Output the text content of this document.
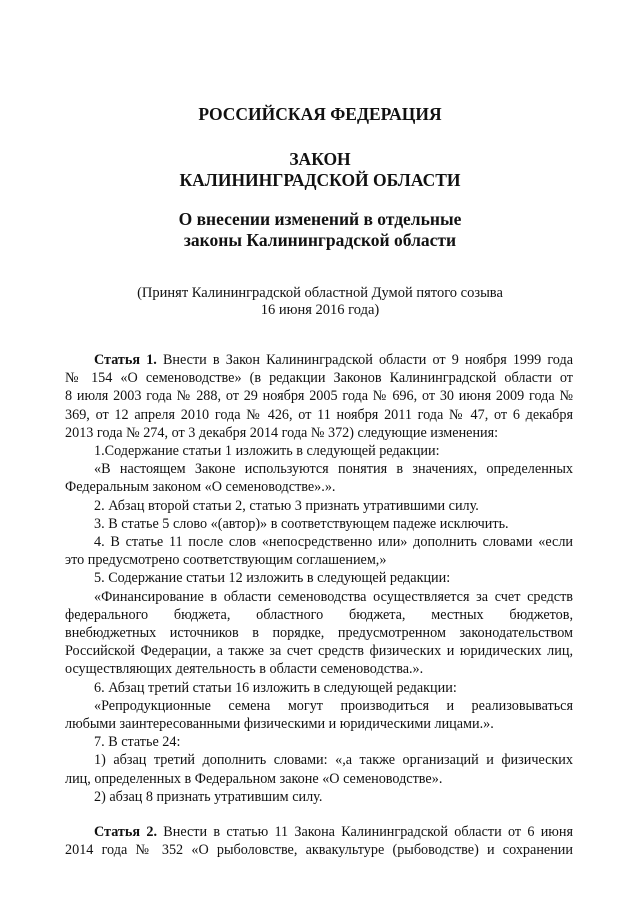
РОССИЙСКАЯ ФЕДЕРАЦИЯ
ЗАКОН
КАЛИНИНГРАДСКОЙ ОБЛАСТИ
О внесении изменений в отдельные
законы Калининградской области
(Принят Калининградской областной Думой пятого созыва
16 июня 2016 года)

Статья 1. Внести в Закон Калининградской области от 9 ноября 1999 года

№ 154 «О семеноводстве» (в редакции Законов Калининградской области от

8 июля 2003 года № 288, от 29 ноября 2005 года № 696, от 30 июня 2009 года №

369, от 12 апреля 2010 года № 426, от 11 ноября 2011 года № 47, от 6 декабря

2013 года № 274, от 3 декабря 2014 года № 372) следующие изменения:

1.Содержание статьи 1 изложить в следующей редакции:

«В настоящем Законе используются понятия в значениях, определенных

Федеральным законом «О семеноводстве».».

2. Абзац второй статьи 2, статью 3 признать утратившими силу.

3. В статье 5 слово «(автор)» в соответствующем падеже исключить.

4. В статье 11 после слов «непосредственно или» дополнить словами «если

это предусмотрено соответствующим соглашением,»

5. Содержание статьи 12 изложить в следующей редакции:

«Финансирование в области семеноводства осуществляется за счет средств

федерального бюджета, областного бюджета, местных бюджетов,

внебюджетных источников в порядке, предусмотренном законодательством

Российской Федерации, а также за счет средств физических и юридических лиц,

осуществляющих деятельность в области семеноводства.».

6. Абзац третий статьи 16 изложить в следующей редакции:

«Репродукционные семена могут производиться и реализовываться

любыми заинтересованными физическими и юридическими лицами.».

7. В статье 24:

1) абзац третий дополнить словами: «,а также организаций и физических

лиц, определенных в Федеральном законе «О семеноводстве».

2) абзац 8 признать утратившим силу.

Статья 2. Внести в статью 11 Закона Калининградской области от 6 июня

2014 года № 352 «О рыболовстве, аквакультуре (рыбоводстве) и сохранении
